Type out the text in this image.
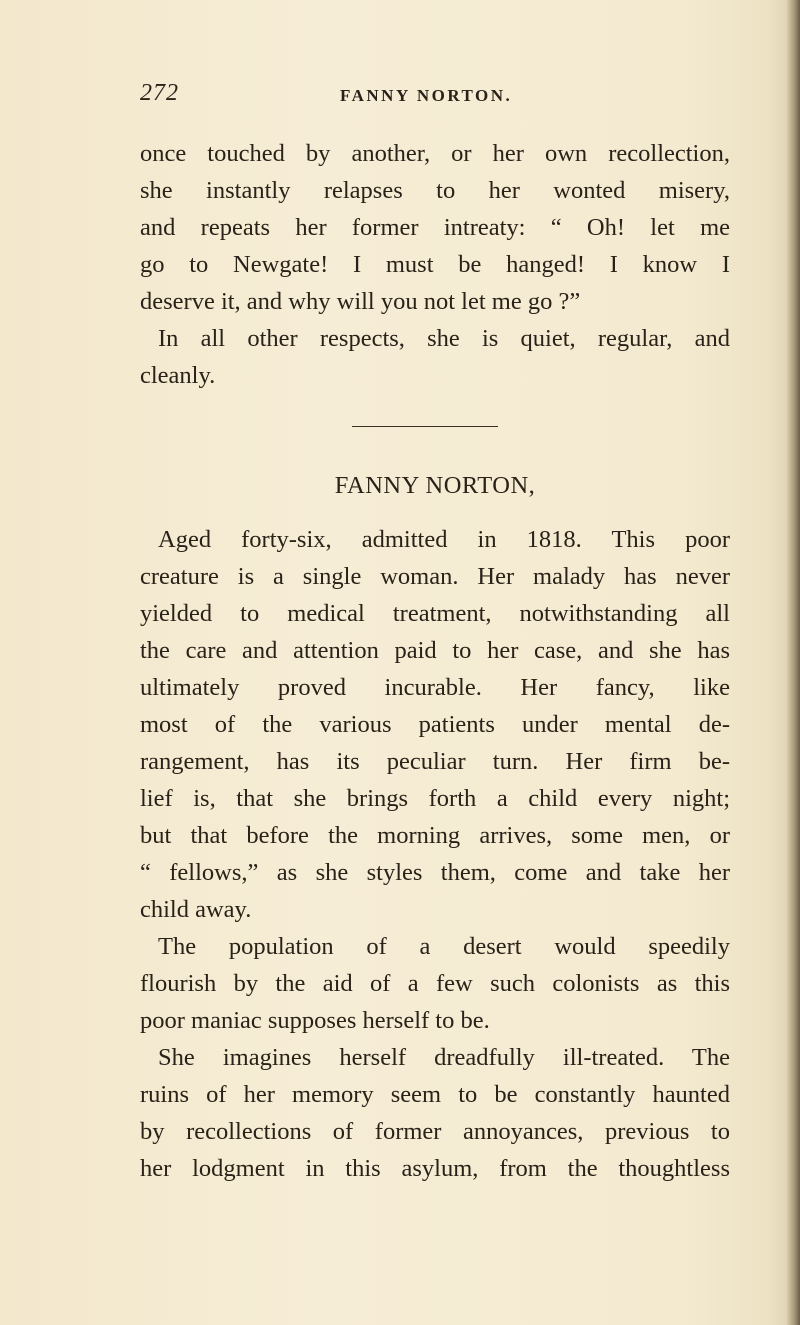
272	FANNY NORTON.
once touched by another, or her own recollection,
she instantly relapses to her wonted misery,
and repeats her former intreaty: “ Oh! let me
go to Newgate! I must be hanged! I know I
deserve it, and why will you not let me go ?”
In all other respects, she is quiet, regular, and
cleanly.
FANNY NORTON,
Aged forty-six, admitted in 1818. This poor
creature is a single woman. Her malady has never
yielded to medical treatment, notwithstanding all
the care and attention paid to her case, and she has
ultimately proved incurable. Her fancy, like
most of the various patients under mental de-
rangement, has its peculiar turn. Her firm be-
lief is, that she brings forth a child every night;
but that before the morning arrives, some men, or
“ fellows,” as she styles them, come and take her
child away.
The population of a desert would speedily
flourish by the aid of a few such colonists as this
poor maniac supposes herself to be.
She imagines herself dreadfully ill-treated. The
ruins of her memory seem to be constantly haunted
by recollections of former annoyances, previous to
her lodgment in this asylum, from the thoughtless
